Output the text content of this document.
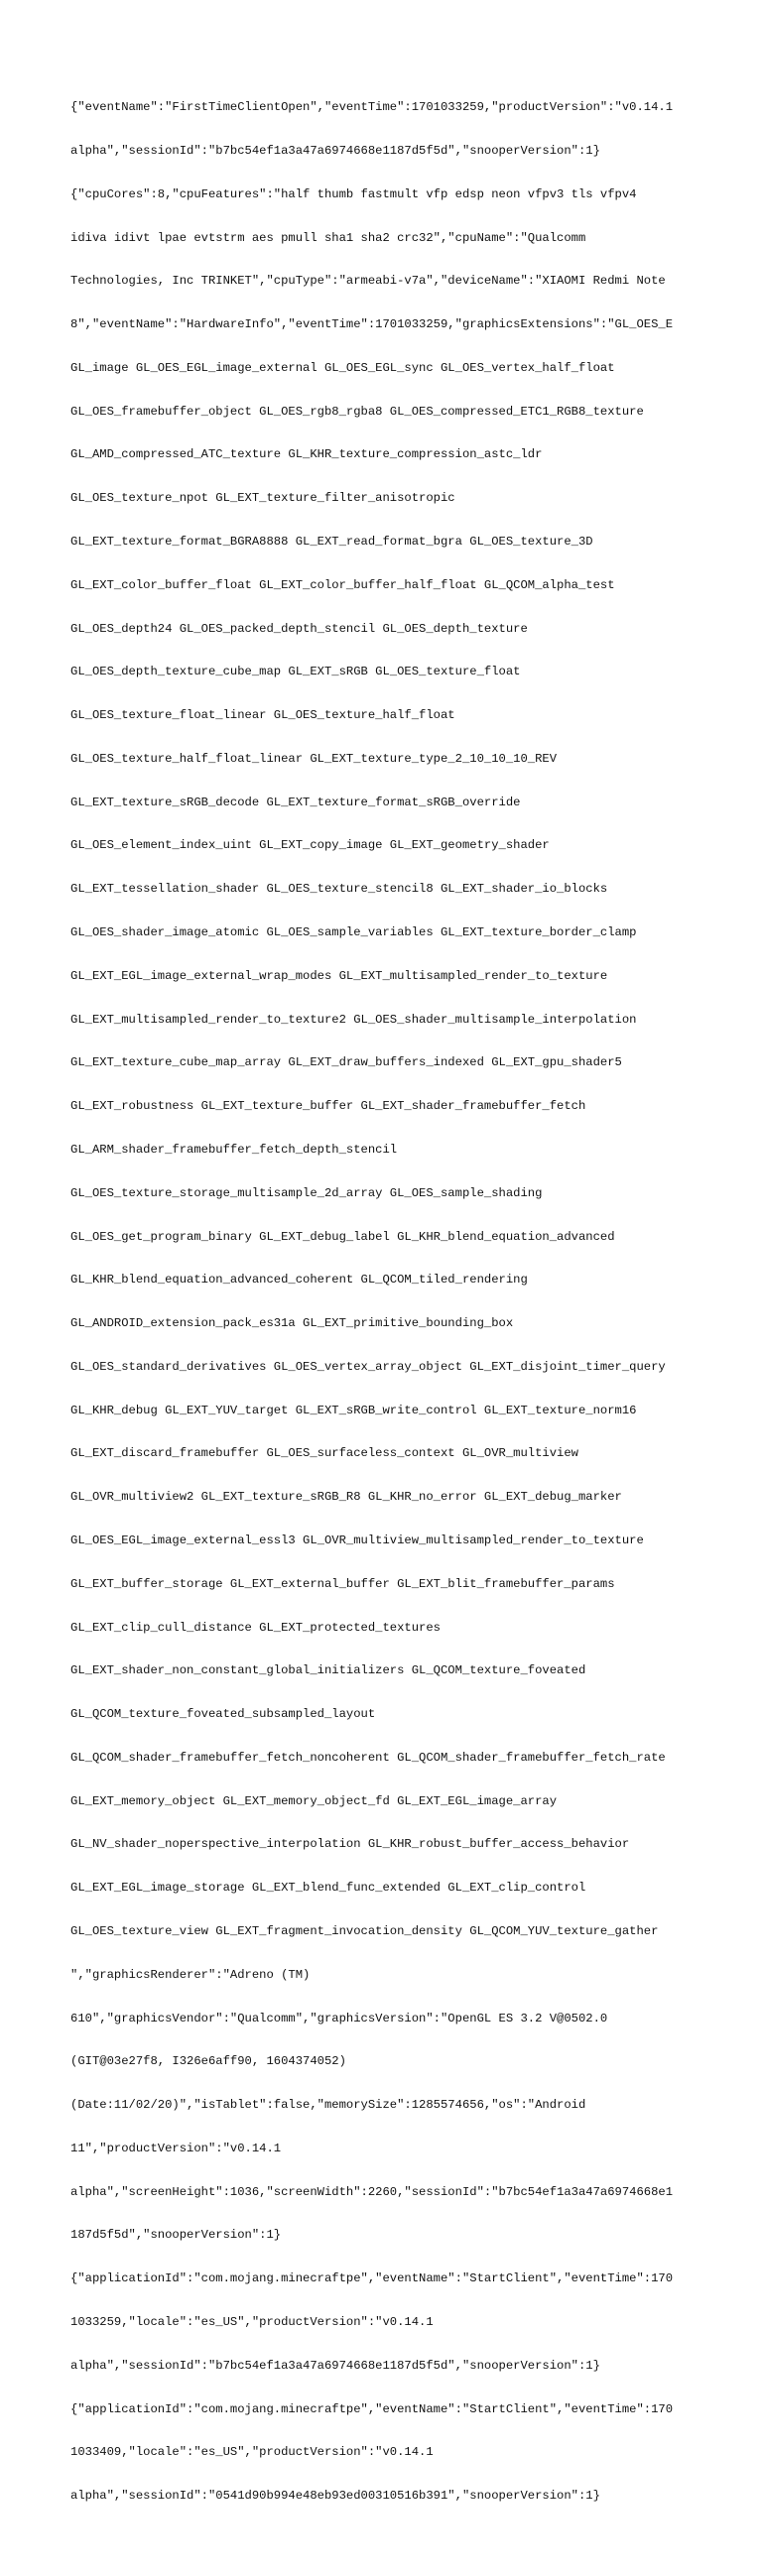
{"eventName":"FirstTimeClientOpen","eventTime":1701033259,"productVersion":"v0.14.1

alpha","sessionId":"b7bc54ef1a3a47a6974668e1187d5f5d","snooperVersion":1}

{"cpuCores":8,"cpuFeatures":"half thumb fastmult vfp edsp neon vfpv3 tls vfpv4

idiva idivt lpae evtstrm aes pmull sha1 sha2 crc32","cpuName":"Qualcomm

Technologies, Inc TRINKET","cpuType":"armeabi-v7a","deviceName":"XIAOMI Redmi Note

8","eventName":"HardwareInfo","eventTime":1701033259,"graphicsExtensions":"GL_OES_E

GL_image GL_OES_EGL_image_external GL_OES_EGL_sync GL_OES_vertex_half_float

GL_OES_framebuffer_object GL_OES_rgb8_rgba8 GL_OES_compressed_ETC1_RGB8_texture

GL_AMD_compressed_ATC_texture GL_KHR_texture_compression_astc_ldr

GL_OES_texture_npot GL_EXT_texture_filter_anisotropic

GL_EXT_texture_format_BGRA8888 GL_EXT_read_format_bgra GL_OES_texture_3D

GL_EXT_color_buffer_float GL_EXT_color_buffer_half_float GL_QCOM_alpha_test

GL_OES_depth24 GL_OES_packed_depth_stencil GL_OES_depth_texture

GL_OES_depth_texture_cube_map GL_EXT_sRGB GL_OES_texture_float

GL_OES_texture_float_linear GL_OES_texture_half_float

GL_OES_texture_half_float_linear GL_EXT_texture_type_2_10_10_10_REV

GL_EXT_texture_sRGB_decode GL_EXT_texture_format_sRGB_override

GL_OES_element_index_uint GL_EXT_copy_image GL_EXT_geometry_shader

GL_EXT_tessellation_shader GL_OES_texture_stencil8 GL_EXT_shader_io_blocks

GL_OES_shader_image_atomic GL_OES_sample_variables GL_EXT_texture_border_clamp

GL_EXT_EGL_image_external_wrap_modes GL_EXT_multisampled_render_to_texture

GL_EXT_multisampled_render_to_texture2 GL_OES_shader_multisample_interpolation

GL_EXT_texture_cube_map_array GL_EXT_draw_buffers_indexed GL_EXT_gpu_shader5

GL_EXT_robustness GL_EXT_texture_buffer GL_EXT_shader_framebuffer_fetch

GL_ARM_shader_framebuffer_fetch_depth_stencil

GL_OES_texture_storage_multisample_2d_array GL_OES_sample_shading

GL_OES_get_program_binary GL_EXT_debug_label GL_KHR_blend_equation_advanced

GL_KHR_blend_equation_advanced_coherent GL_QCOM_tiled_rendering

GL_ANDROID_extension_pack_es31a GL_EXT_primitive_bounding_box

GL_OES_standard_derivatives GL_OES_vertex_array_object GL_EXT_disjoint_timer_query

GL_KHR_debug GL_EXT_YUV_target GL_EXT_sRGB_write_control GL_EXT_texture_norm16

GL_EXT_discard_framebuffer GL_OES_surfaceless_context GL_OVR_multiview

GL_OVR_multiview2 GL_EXT_texture_sRGB_R8 GL_KHR_no_error GL_EXT_debug_marker

GL_OES_EGL_image_external_essl3 GL_OVR_multiview_multisampled_render_to_texture

GL_EXT_buffer_storage GL_EXT_external_buffer GL_EXT_blit_framebuffer_params

GL_EXT_clip_cull_distance GL_EXT_protected_textures

GL_EXT_shader_non_constant_global_initializers GL_QCOM_texture_foveated

GL_QCOM_texture_foveated_subsampled_layout

GL_QCOM_shader_framebuffer_fetch_noncoherent GL_QCOM_shader_framebuffer_fetch_rate

GL_EXT_memory_object GL_EXT_memory_object_fd GL_EXT_EGL_image_array

GL_NV_shader_noperspective_interpolation GL_KHR_robust_buffer_access_behavior

GL_EXT_EGL_image_storage GL_EXT_blend_func_extended GL_EXT_clip_control

GL_OES_texture_view GL_EXT_fragment_invocation_density GL_QCOM_YUV_texture_gather

","graphicsRenderer":"Adreno (TM)

610","graphicsVendor":"Qualcomm","graphicsVersion":"OpenGL ES 3.2 V@0502.0

(GIT@03e27f8, I326e6aff90, 1604374052)

(Date:11/02/20)","isTablet":false,"memorySize":1285574656,"os":"Android

11","productVersion":"v0.14.1

alpha","screenHeight":1036,"screenWidth":2260,"sessionId":"b7bc54ef1a3a47a6974668e1

187d5f5d","snooperVersion":1}

{"applicationId":"com.mojang.minecraftpe","eventName":"StartClient","eventTime":170

1033259,"locale":"es_US","productVersion":"v0.14.1

alpha","sessionId":"b7bc54ef1a3a47a6974668e1187d5f5d","snooperVersion":1}

{"applicationId":"com.mojang.minecraftpe","eventName":"StartClient","eventTime":170

1033409,"locale":"es_US","productVersion":"v0.14.1

alpha","sessionId":"0541d90b994e48eb93ed00310516b391","snooperVersion":1}
